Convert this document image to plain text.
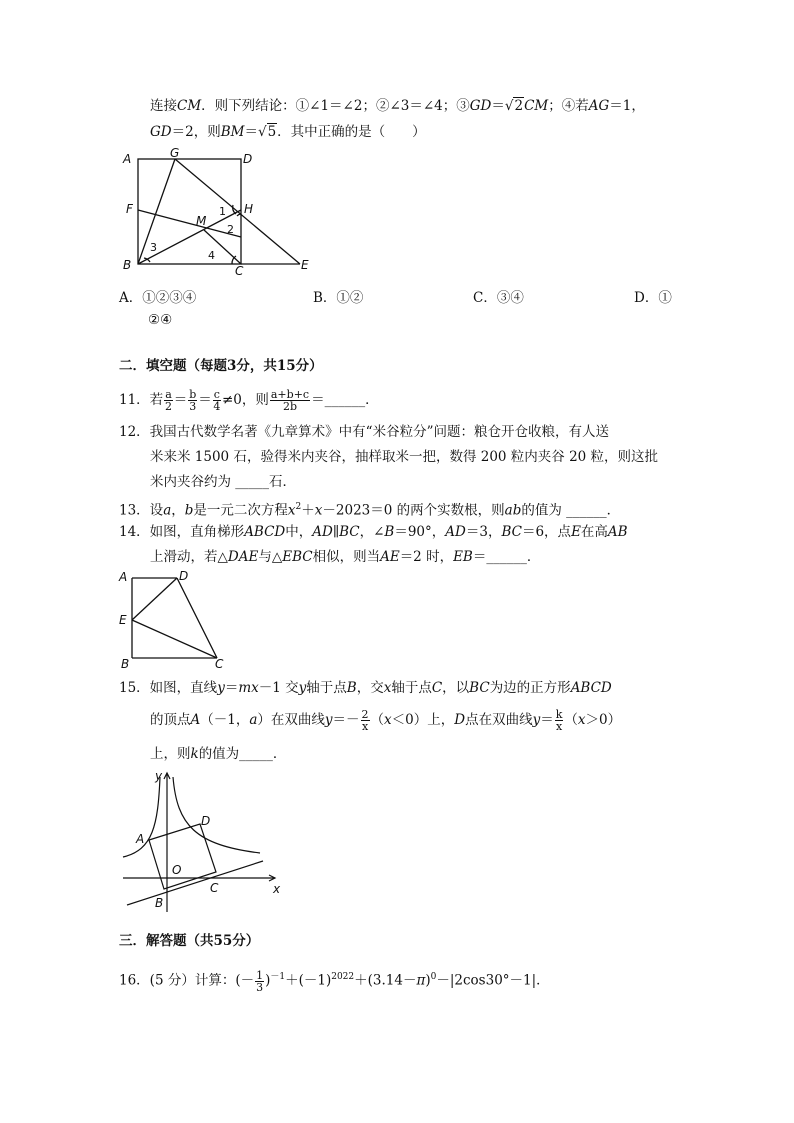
连接CM．则下列结论：①∠1＝∠2；②∠3＝∠4；③GD＝√2CM；④若AG＝1，
GD＝2，则BM＝√5．其中正确的是（　　）
A	G	D
F
M
H
B	C	E
1
2
3
4
A．①②③④	B．①②	C．③④	D．①
②④
二．填空题（每题3分，共15分）
11．若 $\frac{a}{2} = \frac{b}{3} = \frac{c}{4} \ne 0$，则 $\frac{a+b+c}{2b}$ ＝______．
12．我国古代数学名著《九章算术》中有“米谷粒分”问题：粮仓开仓收粮，有人送
米来米 1500 石，验得米内夹谷，抽样取米一把，数得 200 粒内夹谷 20 粒，则这批
米内夹谷约为 _____石．
13．设a，b是一元二次方程$x^2+x-2023=0$ 的两个实数根，则ab的值为 ______．
14．如图，直角梯形ABCD中，AD∥BC，∠B＝90°，AD＝3，BC＝6，点E在高AB
上滑动，若△DAE与△EBC相似，则当AE＝2 时，EB＝______．
A	D
E
B	C
15．如图，直线y＝mx－1 交y轴于点B，交x轴于点C，以BC为边的正方形ABCD
的顶点A（－1，a）在双曲线$y=- \frac{2}{x} (x<0)$上，D点在双曲线$y= \frac{k}{x} (x>0)$
上，则k的值为_____．
y
x
A
D
O
C
B
三．解答题（共55分）
16．(5 分）计算：(－ $\frac{1}{3} )^{-1}+(-1)^{2022}+(3.14-\pi)^0-|2\cos 30^\circ-1|$．
